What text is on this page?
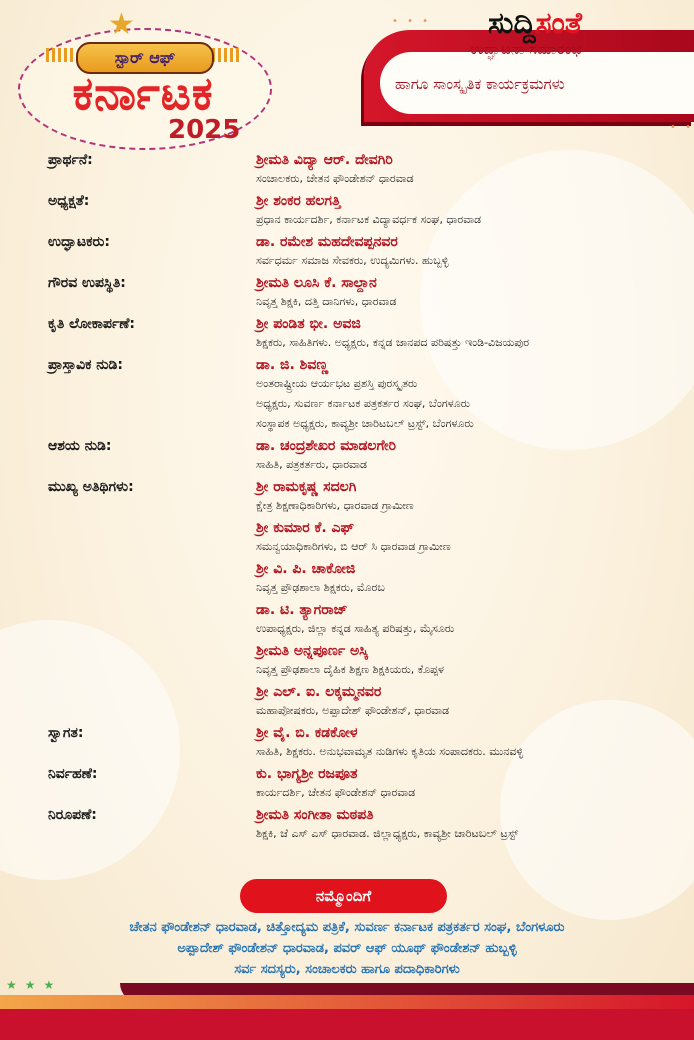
★
ಸ್ಟಾರ್ ಆಫ್
ಕರ್ನಾಟಕ
2025
ಉದ್ಘಾಟನಾ ಸಮಾರಂಭ
ಹಾಗೂ ಸಾಂಸ್ಕೃತಿಕ ಕಾರ್ಯಕ್ರಮಗಳು
ಸುದ್ದಿಸಂತೆ
• • •
• •
ಪ್ರಾರ್ಥನೆ:	ಶ್ರೀಮತಿ ವಿದ್ಯಾ ಆರ್. ದೇವಗಿರಿ
ಸಂಚಾಲಕರು, ಚೇತನ ಫೌಂಡೇಶನ್ ಧಾರವಾಡ
ಅಧ್ಯಕ್ಷತೆ:	ಶ್ರೀ ಶಂಕರ ಹಲಗತ್ತಿ
ಪ್ರಧಾನ ಕಾರ್ಯದರ್ಶಿ, ಕರ್ನಾಟಕ ವಿದ್ಯಾವರ್ಧಕ ಸಂಘ, ಧಾರವಾಡ
ಉದ್ಘಾಟಕರು:	ಡಾ. ರಮೇಶ ಮಹದೇವಪ್ಪನವರ
ಸರ್ವಧರ್ಮ ಸಮಾಜ ಸೇವಕರು, ಉದ್ಯಮಿಗಳು. ಹುಬ್ಬಳ್ಳಿ
ಗೌರವ ಉಪಸ್ಥಿತಿ:	ಶ್ರೀಮತಿ ಲೂಸಿ ಕೆ. ಸಾಲ್ದಾನ
ನಿವೃತ್ತ ಶಿಕ್ಷಕಿ, ದತ್ತಿ ದಾನಿಗಳು, ಧಾರವಾಡ
ಕೃತಿ ಲೋಕಾರ್ಪಣೆ:	ಶ್ರೀ ಪಂಡಿತ ಭೀ. ಅವಜಿ
ಶಿಕ್ಷಕರು, ಸಾಹಿತಿಗಳು. ಅಧ್ಯಕ್ಷರು, ಕನ್ನಡ ಜಾನಪದ ಪರಿಷತ್ತು ಇಂಡಿ-ವಿಜಯಪುರ
ಪ್ರಾಸ್ತಾವಿಕ ನುಡಿ:	ಡಾ. ಜಿ. ಶಿವಣ್ಣ
ಅಂತರಾಷ್ಟ್ರೀಯ ಆರ್ಯಭಟ ಪ್ರಶಸ್ತಿ ಪುರಸ್ಕೃತರು
ಅಧ್ಯಕ್ಷರು, ಸುವರ್ಣ ಕರ್ನಾಟಕ ಪತ್ರಕರ್ತರ ಸಂಘ, ಬೆಂಗಳೂರು
ಸಂಸ್ಥಾಪಕ ಅಧ್ಯಕ್ಷರು, ಕಾವ್ಯಶ್ರೀ ಚಾರಿಟಬಲ್ ಟ್ರಸ್ಟ್, ಬೆಂಗಳೂರು
ಆಶಯ ನುಡಿ:	ಡಾ. ಚಂದ್ರಶೇಖರ ಮಾಡಲಗೇರಿ
ಸಾಹಿತಿ, ಪತ್ರಕರ್ತರು, ಧಾರವಾಡ
ಮುಖ್ಯ ಅತಿಥಿಗಳು:	ಶ್ರೀ ರಾಮಕೃಷ್ಣ ಸದಲಗಿ
ಕ್ಷೇತ್ರ ಶಿಕ್ಷಣಾಧಿಕಾರಿಗಳು, ಧಾರವಾಡ ಗ್ರಾಮೀಣ
ಶ್ರೀ ಕುಮಾರ ಕೆ. ಎಫ್
ಸಮನ್ವಯಾಧಿಕಾರಿಗಳು, ಬಿ ಆರ್ ಸಿ ಧಾರವಾಡ ಗ್ರಾಮೀಣ
ಶ್ರೀ ವಿ. ಪಿ. ಚಾಕೋಜಿ
ನಿವೃತ್ತ ಪ್ರೌಢಶಾಲಾ ಶಿಕ್ಷಕರು, ಮೊರಬ
ಡಾ. ಟಿ. ತ್ಯಾಗರಾಜ್
ಉಪಾಧ್ಯಕ್ಷರು, ಜಿಲ್ಲಾ ಕನ್ನಡ ಸಾಹಿತ್ಯ ಪರಿಷತ್ತು, ಮೈಸೂರು
ಶ್ರೀಮತಿ ಅನ್ನಪೂರ್ಣ ಅಸ್ಕಿ
ನಿವೃತ್ತ ಪ್ರೌಢಶಾಲಾ ದೈಹಿಕ ಶಿಕ್ಷಣ ಶಿಕ್ಷಕಿಯರು, ಕೊಪ್ಪಳ
ಶ್ರೀ ಎಲ್. ಐ. ಲಕ್ಕಮ್ಮನವರ
ಮಹಾಪೋಷಕರು, ಅಪ್ಪಾದೇಶ್ ಫೌಂಡೇಶನ್, ಧಾರವಾಡ
ಸ್ವಾಗತ:	ಶ್ರೀ ವೈ. ಬಿ. ಕಡಕೋಳ
ಸಾಹಿತಿ, ಶಿಕ್ಷಕರು. ಅನುಭವಾಮೃತ ನುಡಿಗಳು ಕೃತಿಯ ಸಂಪಾದಕರು. ಮುನವಳ್ಳಿ
ನಿರ್ವಹಣೆ:	ಕು. ಭಾಗ್ಯಶ್ರೀ ರಜಪೂತ
ಕಾರ್ಯದರ್ಶಿ, ಚೇತನ ಫೌಂಡೇಶನ್ ಧಾರವಾಡ
ನಿರೂಪಣೆ:	ಶ್ರೀಮತಿ ಸಂಗೀತಾ ಮಠಪತಿ
ಶಿಕ್ಷಕಿ, ಜೆ ಎಸ್ ಎಸ್ ಧಾರವಾಡ. ಜಿಲ್ಲಾಧ್ಯಕ್ಷರು, ಕಾವ್ಯಶ್ರೀ ಚಾರಿಟಬಲ್ ಟ್ರಸ್ಟ್
ನಮ್ಮೊಂದಿಗೆ
ಚೇತನ ಫೌಂಡೇಶನ್ ಧಾರವಾಡ, ಚಿತ್ತೋದ್ಯಮ ಪತ್ರಿಕೆ, ಸುವರ್ಣ ಕರ್ನಾಟಕ ಪತ್ರಕರ್ತರ ಸಂಘ, ಬೆಂಗಳೂರು
ಅಪ್ಪಾದೇಶ್ ಫೌಂಡೇಶನ್ ಧಾರವಾಡ, ಪವರ್ ಆಫ್ ಯೂಥ್ ಫೌಂಡೇಶನ್ ಹುಬ್ಬಳ್ಳಿ
ಸರ್ವ ಸದಸ್ಯರು, ಸಂಚಾಲಕರು ಹಾಗೂ ಪದಾಧಿಕಾರಿಗಳು
★★★
